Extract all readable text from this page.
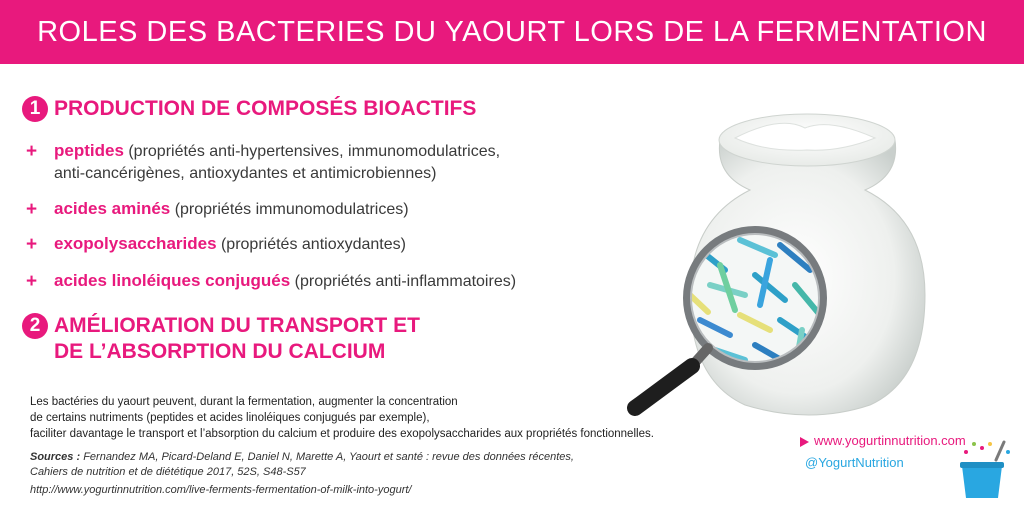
ROLES DES BACTERIES DU YAOURT LORS DE LA FERMENTATION
1 PRODUCTION DE COMPOSÉS BIOACTIFS
+ peptides (propriétés anti-hypertensives, immunomodulatrices,
anti-cancérigènes, antioxydantes et antimicrobiennes)
+ acides aminés (propriétés immunomodulatrices)
+ exopolysaccharides (propriétés antioxydantes)
+ acides linoléiques conjugués (propriétés anti-inflammatoires)
2 AMÉLIORATION DU TRANSPORT ET
DE L’ABSORPTION DU CALCIUM
Les bactéries du yaourt peuvent, durant la fermentation, augmenter la concentration
de certains nutriments (peptides et acides linoléiques conjugués par exemple),
faciliter davantage le transport et l’absorption du calcium et produire des exopolysaccharides aux propriétés fonctionnelles.
Sources : Fernandez MA, Picard-Deland E, Daniel N, Marette A, Yaourt et santé : revue des données récentes,
Cahiers de nutrition et de diététique 2017, 52S, S48-S57
http://www.yogurtinnutrition.com/live-ferments-fermentation-of-milk-into-yogurt/
www.yogurtinnutrition.com
@YogurtNutrition
